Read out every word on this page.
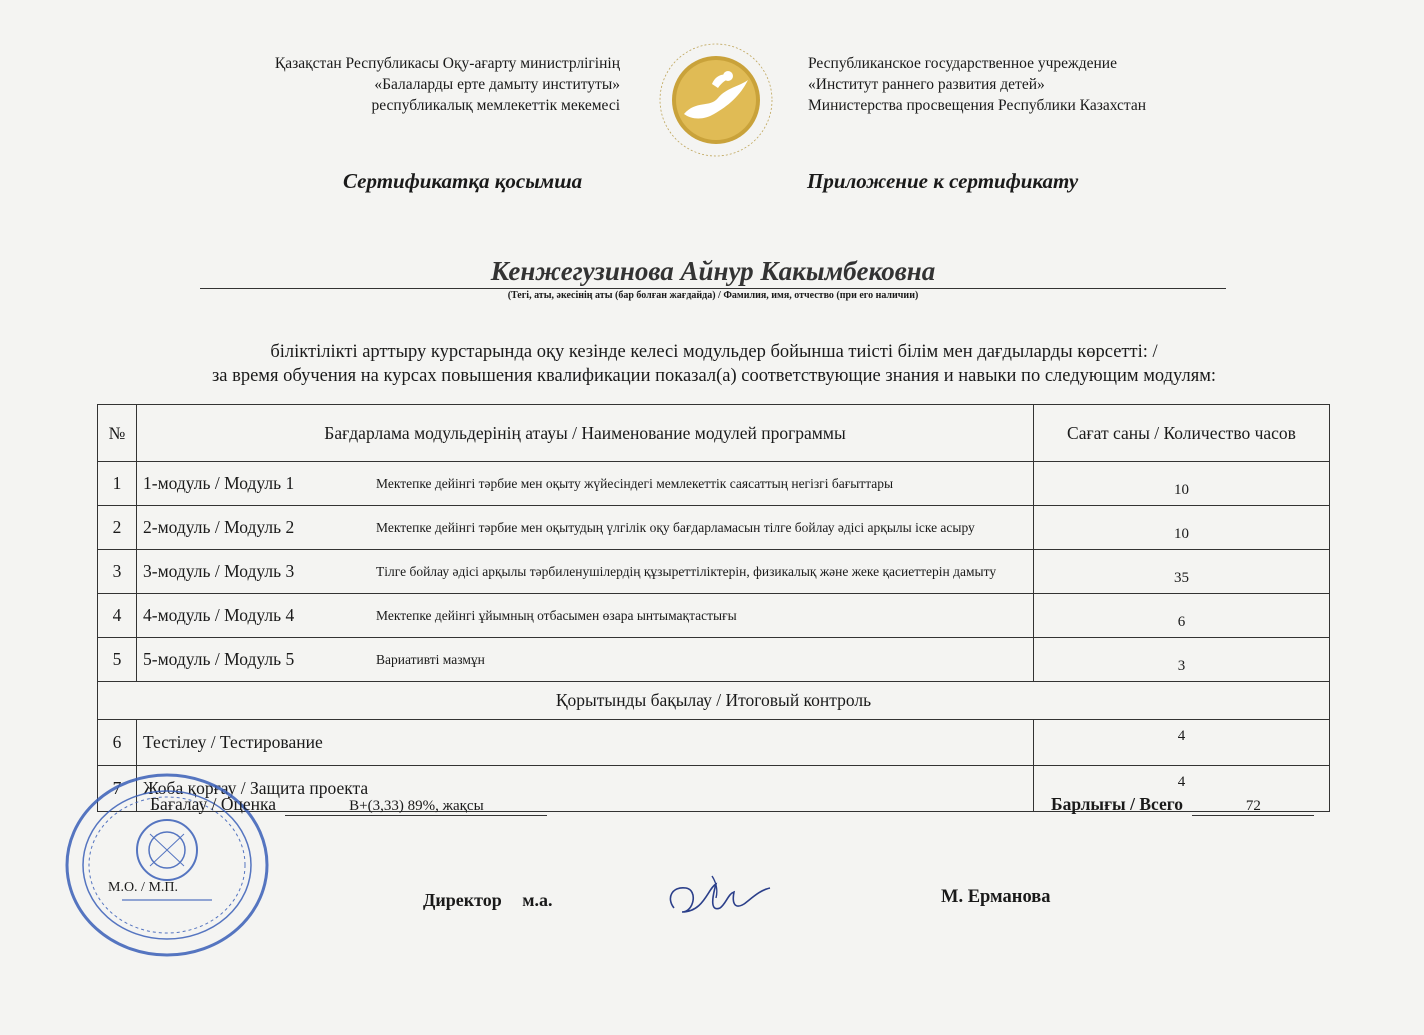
Қазақстан Республикасы Оқу-ағарту министрлігінің
«Балаларды ерте дамыту институты»
республикалық мемлекеттік мекемесі
Республиканское государственное учреждение
«Институт раннего развития детей»
Министерства просвещения Республики Казахстан
Сертификатқа қосымша	Приложение к сертификату
Кенжегузинова Айнур Какымбековна
(Тегі, аты, әкесінің аты (бар болған жағдайда) / Фамилия, имя, отчество (при его наличии)
біліктілікті арттыру курстарында оқу кезінде келесі модульдер бойынша тиісті білім мен дағдыларды көрсетті: /
за время обучения на курсах повышения квалификации показал(а) соответствующие знания и навыки по следующим модулям:
№	Бағдарлама модульдерінің атауы / Наименование модулей программы	Сағат саны / Количество часов
1	1-модуль / Модуль 1 Мектепке дейінгі тәрбие мен оқыту жүйесіндегі мемлекеттік саясаттың негізгі бағыттары	10
2	2-модуль / Модуль 2 Мектепке дейінгі тәрбие мен оқытудың үлгілік оқу бағдарламасын тілге бойлау әдісі арқылы іске асыру	10
3	3-модуль / Модуль 3 Тілге бойлау әдісі арқылы тәрбиленушілердің құзыреттіліктерін, физикалық және жеке қасиеттерін дамыту	35
4	4-модуль / Модуль 4 Мектепке дейінгі ұйымның отбасымен өзара ынтымақтастығы	6
5	5-модуль / Модуль 5 Вариативті мазмұн	3
Қорытынды бақылау / Итоговый контроль		
6	Тестілеу / Тестирование	4
7	Жоба қорғау / Защита проекта	4
Бағалау / Оценка	B+(3,33) 89%, жақсы	Барлығы / Всего	72
М.О. / М.П.
Директор м.а.	М. Ерманова
